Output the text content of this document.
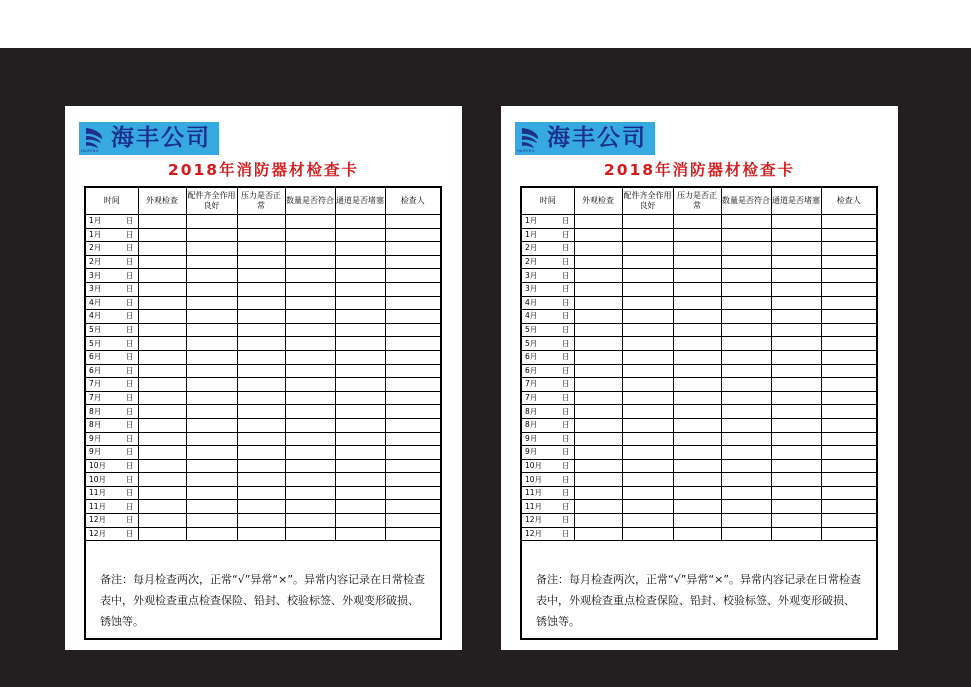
海丰公司
HAIFENG
2018年消防器材检查卡
时间	外观检查	配件齐全作用良好	压力是否正常	数量是否符合	通道是否堵塞	检查人

1月 日						

1月 日						

2月 日						

2月 日						

3月 日						

3月 日						

4月 日						

4月 日						

5月 日						

5月 日						

6月 日						

6月 日						

7月 日						

7月 日						

8月 日						

8月 日						

9月 日						

9月 日						

10月 日						

10月 日						

11月 日						

11月 日						

12月 日						

12月 日						

备注：每月检查两次，正常“√”异常“×”。异常内容记录在日常检查表中，外观检查重点检查保险、铅封、校验标签、外观变形破损、锈蚀等。
海丰公司
HAIFENG
2018年消防器材检查卡
时间	外观检查	配件齐全作用良好	压力是否正常	数量是否符合	通道是否堵塞	检查人

1月 日						

1月 日						

2月 日						

2月 日						

3月 日						

3月 日						

4月 日						

4月 日						

5月 日						

5月 日						

6月 日						

6月 日						

7月 日						

7月 日						

8月 日						

8月 日						

9月 日						

9月 日						

10月 日						

10月 日						

11月 日						

11月 日						

12月 日						

12月 日						

备注：每月检查两次，正常“√”异常“×”。异常内容记录在日常检查表中，外观检查重点检查保险、铅封、校验标签、外观变形破损、锈蚀等。
